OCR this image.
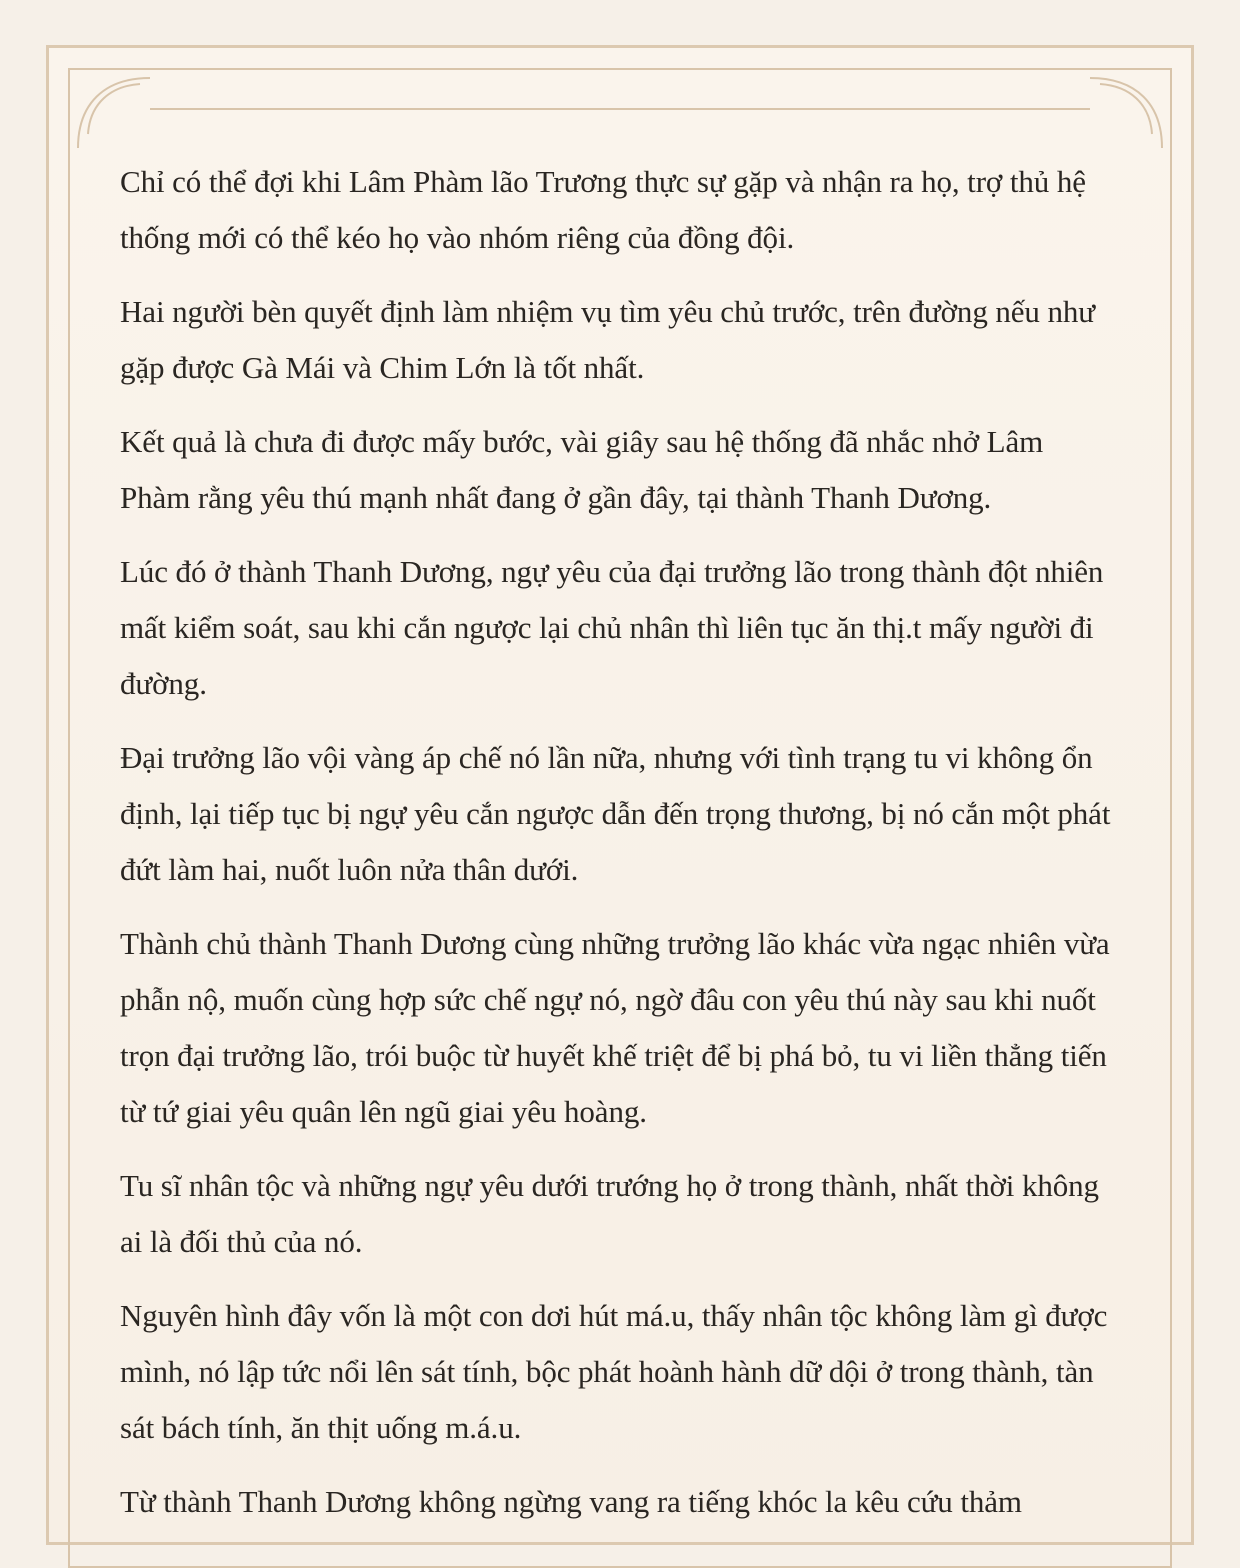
Chỉ có thể đợi khi Lâm Phàm lão Trương thực sự gặp và nhận ra họ, trợ thủ hệ thống mới có thể kéo họ vào nhóm riêng của đồng đội.

Hai người bèn quyết định làm nhiệm vụ tìm yêu chủ trước, trên đường nếu như gặp được Gà Mái và Chim Lớn là tốt nhất.

Kết quả là chưa đi được mấy bước, vài giây sau hệ thống đã nhắc nhở Lâm Phàm rằng yêu thú mạnh nhất đang ở gần đây, tại thành Thanh Dương.

Lúc đó ở thành Thanh Dương, ngự yêu của đại trưởng lão trong thành đột nhiên mất kiểm soát, sau khi cắn ngược lại chủ nhân thì liên tục ăn thị.t mấy người đi đường.

Đại trưởng lão vội vàng áp chế nó lần nữa, nhưng với tình trạng tu vi không ổn định, lại tiếp tục bị ngự yêu cắn ngược dẫn đến trọng thương, bị nó cắn một phát đứt làm hai, nuốt luôn nửa thân dưới.

Thành chủ thành Thanh Dương cùng những trưởng lão khác vừa ngạc nhiên vừa phẫn nộ, muốn cùng hợp sức chế ngự nó, ngờ đâu con yêu thú này sau khi nuốt trọn đại trưởng lão, trói buộc từ huyết khế triệt để bị phá bỏ, tu vi liền thẳng tiến từ tứ giai yêu quân lên ngũ giai yêu hoàng.

Tu sĩ nhân tộc và những ngự yêu dưới trướng họ ở trong thành, nhất thời không ai là đối thủ của nó.

Nguyên hình đây vốn là một con dơi hút má.u, thấy nhân tộc không làm gì được mình, nó lập tức nổi lên sát tính, bộc phát hoành hành dữ dội ở trong thành, tàn sát bách tính, ăn thịt uống m.á.u.

Từ thành Thanh Dương không ngừng vang ra tiếng khóc la kêu cứu thảm
